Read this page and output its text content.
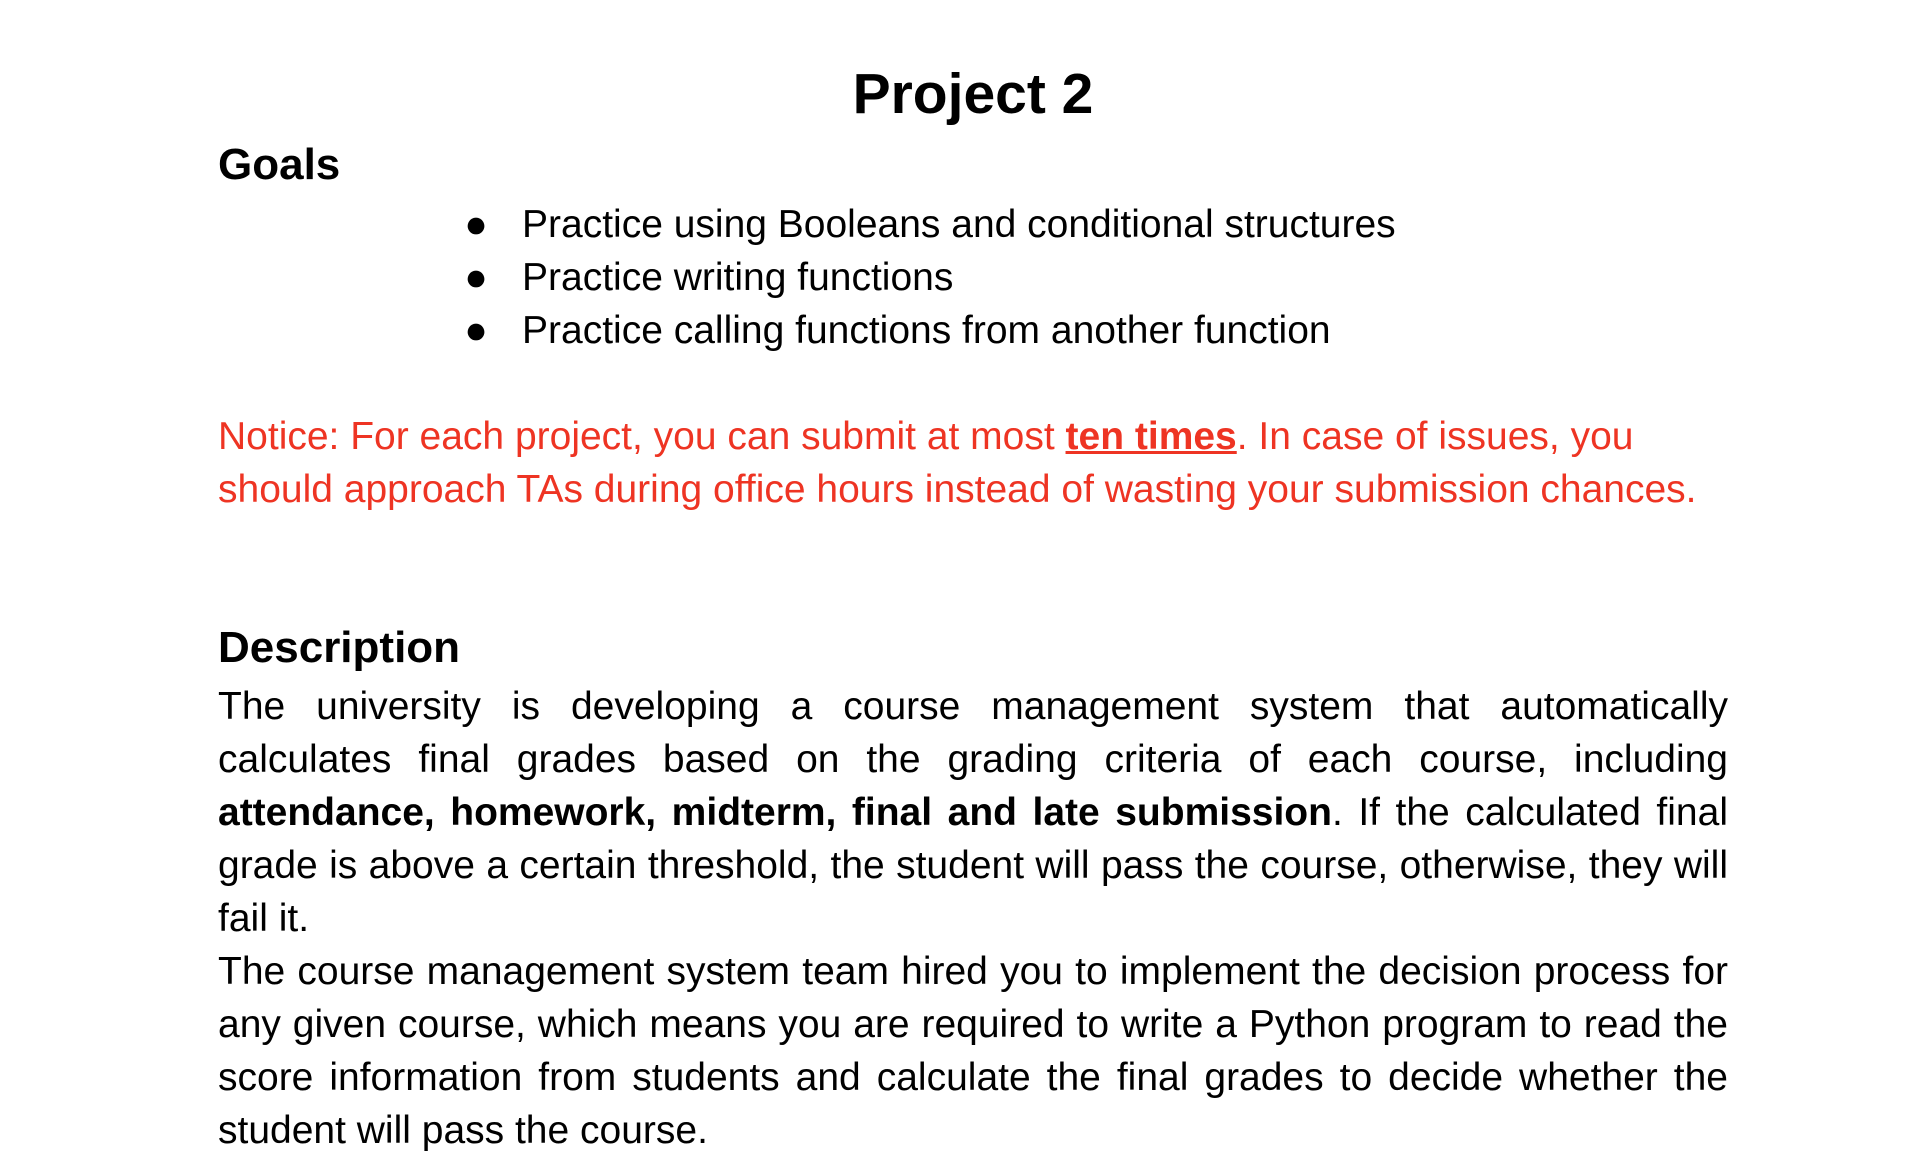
Project 2
Goals
● Practice using Booleans and conditional structures
● Practice writing functions
● Practice calling functions from another function

Notice: For each project, you can submit at most ten times. In case of issues, you should approach TAs during office hours instead of wasting your submission chances.

Description
The university is developing a course management system that automatically calculates final grades based on the grading criteria of each course, including attendance, homework, midterm, final and late submission. If the calculated final grade is above a certain threshold, the student will pass the course, otherwise, they will fail it.
The course management system team hired you to implement the decision process for any given course, which means you are required to write a Python program to read the score information from students and calculate the final grades to decide whether the student will pass the course.
